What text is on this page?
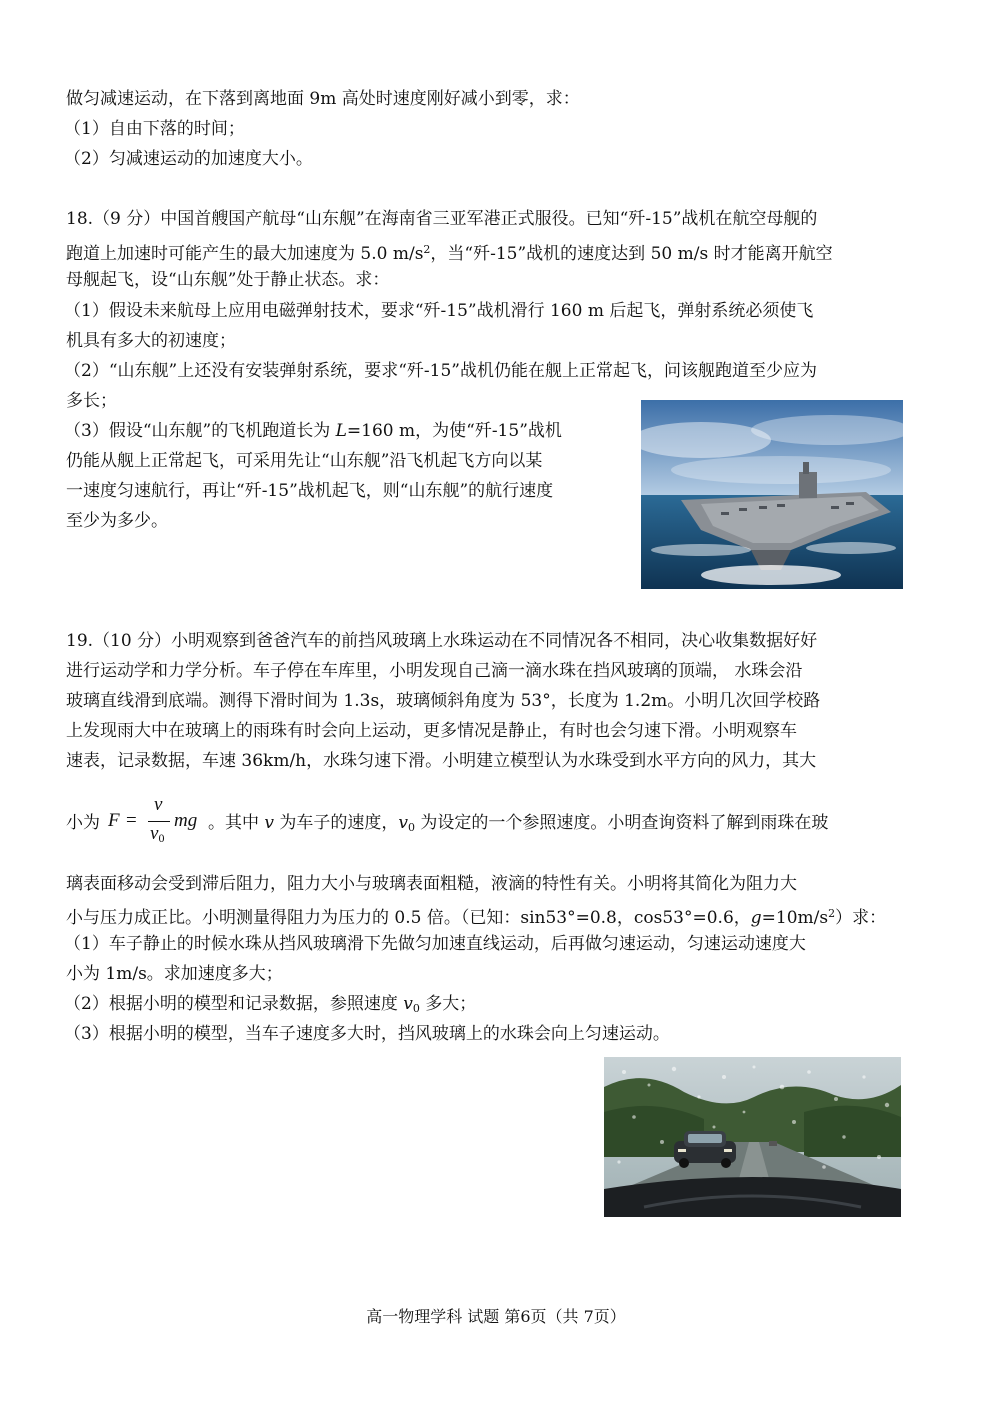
做匀减速运动，在下落到离地面 9m 高处时速度刚好减小到零，求：
（1）自由下落的时间；
（2）匀减速运动的加速度大小。
18.（9 分）中国首艘国产航母“山东舰”在海南省三亚军港正式服役。已知“歼-15”战机在航空母舰的
跑道上加速时可能产生的最大加速度为 5.0 $m/s^2$，当“歼-15”战机的速度达到 50 m/s 时才能离开航空
母舰起飞，设“山东舰”处于静止状态。求：
（1）假设未来航母上应用电磁弹射技术，要求“歼-15”战机滑行 160 m 后起飞，弹射系统必须使飞
机具有多大的初速度；
（2）“山东舰”上还没有安装弹射系统，要求“歼-15”战机仍能在舰上正常起飞，问该舰跑道至少应为
多长；
（3）假设“山东舰”的飞机跑道长为 L=160 m，为使“歼-15”战机
仍能从舰上正常起飞，可采用先让“山东舰”沿飞机起飞方向以某
一速度匀速航行，再让“歼-15”战机起飞，则“山东舰”的航行速度
至少为多少。
19.（10 分）小明观察到爸爸汽车的前挡风玻璃上水珠运动在不同情况各不相同，决心收集数据好好
进行运动学和力学分析。车子停在车库里，小明发现自己滴一滴水珠在挡风玻璃的顶端， 水珠会沿
玻璃直线滑到底端。测得下滑时间为 1.3s，玻璃倾斜角度为 53°，长度为 1.2m。小明几次回学校路
上发现雨大中在玻璃上的雨珠有时会向上运动，更多情况是静止，有时也会匀速下滑。小明观察车
速表，记录数据，车速 36km/h，水珠匀速下滑。小明建立模型认为水珠受到水平方向的风力，其大
小为	。其中 v 为车子的速度，$v_0$ 为设定的一个参照速度。小明查询资料了解到雨珠在玻
F =
v
v0
mg
璃表面移动会受到滞后阻力，阻力大小与玻璃表面粗糙，液滴的特性有关。小明将其简化为阻力大
小与压力成正比。小明测量得阻力为压力的 0.5 倍。（已知：sin53°=0.8，cos53°=0.6，$g=10m/s^2$）求：
（1）车子静止的时候水珠从挡风玻璃滑下先做匀加速直线运动，后再做匀速运动，匀速运动速度大
小为 1m/s。求加速度多大；
（2）根据小明的模型和记录数据，参照速度 $v_0$ 多大；
（3）根据小明的模型，当车子速度多大时，挡风玻璃上的水珠会向上匀速运动。
高一物理学科 试题 第6页（共 7页）
